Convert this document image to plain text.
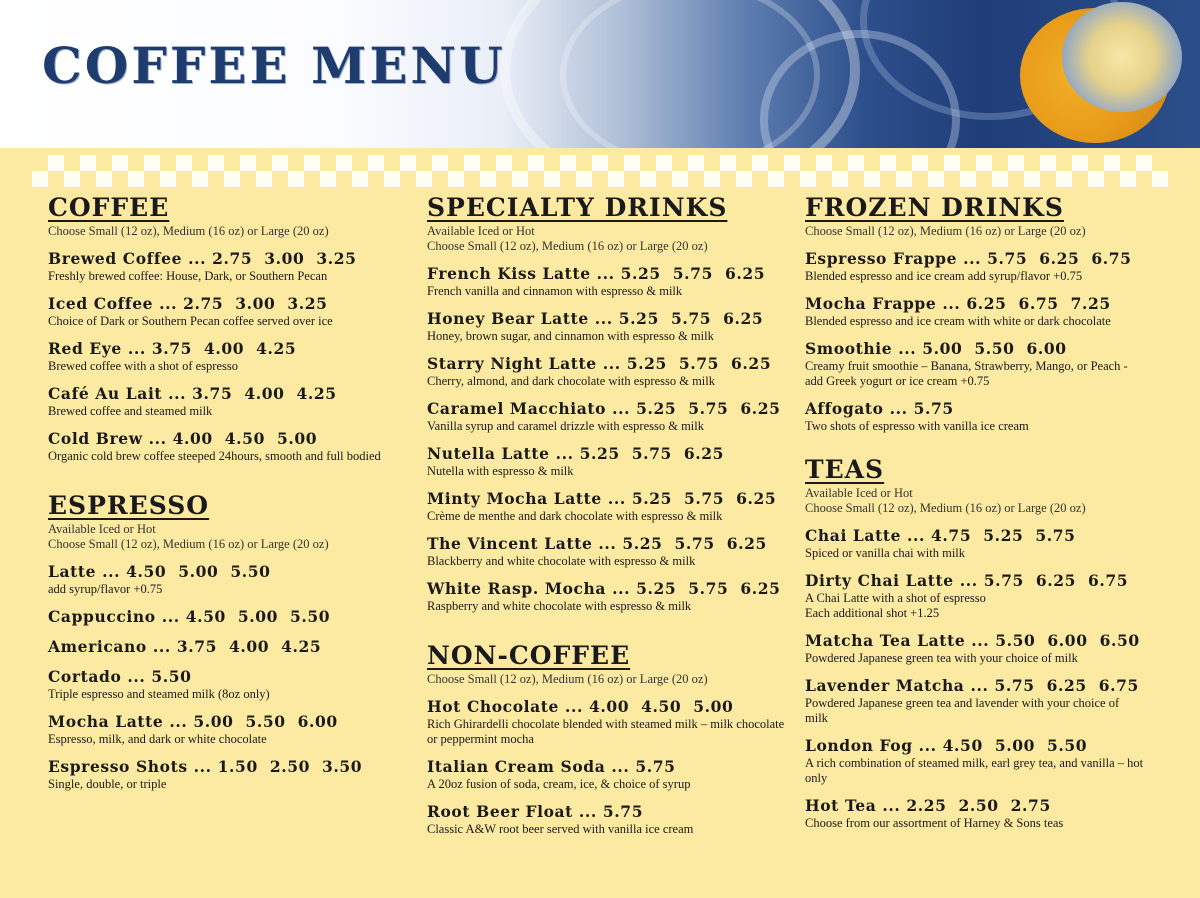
COFFEE MENU
COFFEE
Choose Small (12 oz), Medium (16 oz) or Large (20 oz)
Brewed Coffee ... 2.75  3.00  3.25
Freshly brewed coffee: House, Dark, or Southern Pecan
Iced Coffee ... 2.75  3.00  3.25
Choice of Dark or Southern Pecan coffee served over ice
Red Eye ... 3.75  4.00  4.25
Brewed coffee with a shot of espresso
Café Au Lait ... 3.75  4.00  4.25
Brewed coffee and steamed milk
Cold Brew ... 4.00  4.50  5.00
Organic cold brew coffee steeped 24hours, smooth and full bodied
ESPRESSO
Available Iced or Hot
Choose Small (12 oz), Medium (16 oz) or Large (20 oz)
Latte ... 4.50  5.00  5.50
add syrup/flavor +0.75
Cappuccino ... 4.50  5.00  5.50
Americano ... 3.75  4.00  4.25
Cortado ... 5.50
Triple espresso and steamed milk (8oz only)
Mocha Latte ... 5.00  5.50  6.00
Espresso, milk, and dark or white chocolate
Espresso Shots ... 1.50  2.50  3.50
Single, double, or triple
SPECIALTY DRINKS
Available Iced or Hot
Choose Small (12 oz), Medium (16 oz) or Large (20 oz)
French Kiss Latte ... 5.25  5.75  6.25
French vanilla and cinnamon with espresso & milk
Honey Bear Latte ... 5.25  5.75  6.25
Honey, brown sugar, and cinnamon with espresso & milk
Starry Night Latte ... 5.25  5.75  6.25
Cherry, almond, and dark chocolate with espresso & milk
Caramel Macchiato ... 5.25  5.75  6.25
Vanilla syrup and caramel drizzle with espresso & milk
Nutella Latte ... 5.25  5.75  6.25
Nutella with espresso & milk
Minty Mocha Latte ... 5.25  5.75  6.25
Crème de menthe and dark chocolate with espresso & milk
The Vincent Latte ... 5.25  5.75  6.25
Blackberry and white chocolate with espresso & milk
White Rasp. Mocha ... 5.25  5.75  6.25
Raspberry and white chocolate with espresso & milk
NON-COFFEE
Choose Small (12 oz), Medium (16 oz) or Large (20 oz)
Hot Chocolate ... 4.00  4.50  5.00
Rich Ghirardelli chocolate blended with steamed milk – milk chocolate or peppermint mocha
Italian Cream Soda ... 5.75
A 20oz fusion of soda, cream, ice, & choice of syrup
Root Beer Float ... 5.75
Classic A&W root beer served with vanilla ice cream
FROZEN DRINKS
Choose Small (12 oz), Medium (16 oz) or Large (20 oz)
Espresso Frappe ... 5.75  6.25  6.75
Blended espresso and ice cream add syrup/flavor +0.75
Mocha Frappe ... 6.25  6.75  7.25
Blended espresso and ice cream with white or dark chocolate
Smoothie ... 5.00  5.50  6.00
Creamy fruit smoothie – Banana, Strawberry, Mango, or Peach - add Greek yogurt or ice cream +0.75
Affogato ... 5.75
Two shots of espresso with vanilla ice cream
TEAS
Available Iced or Hot
Choose Small (12 oz), Medium (16 oz) or Large (20 oz)
Chai Latte ... 4.75  5.25  5.75
Spiced or vanilla chai with milk
Dirty Chai Latte ... 5.75  6.25  6.75
A Chai Latte with a shot of espresso
Each additional shot +1.25
Matcha Tea Latte ... 5.50  6.00  6.50
Powdered Japanese green tea with your choice of milk
Lavender Matcha ... 5.75  6.25  6.75
Powdered Japanese green tea and lavender with your choice of milk
London Fog ... 4.50  5.00  5.50
A rich combination of steamed milk, earl grey tea, and vanilla – hot only
Hot Tea ... 2.25  2.50  2.75
Choose from our assortment of Harney & Sons teas
